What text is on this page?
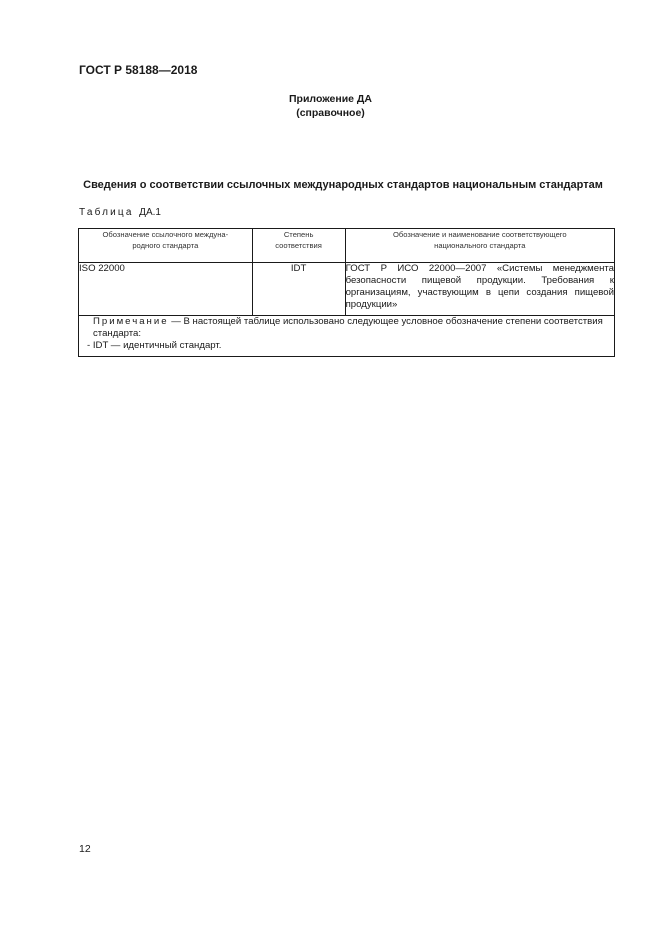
ГОСТ Р 58188—2018
Приложение ДА
(справочное)
Сведения о соответствии ссылочных международных стандартов национальным стандартам
Таблица ДА.1
Обозначение ссылочного междуна-родного стандарта	Степень соответствия	Обозначение и наименование соответствующего национального стандарта

ISO 22000	IDT	ГОСТ Р ИСО 22000—2007 «Системы менеджмента безопасности пищевой продукции. Требования к организациям, участвующим в цепи создания пищевой продукции»

Примечание — В настоящей таблице использовано следующее условное обозначение степени соответствия стандарта:
- IDT — идентичный стандарт.		
12
